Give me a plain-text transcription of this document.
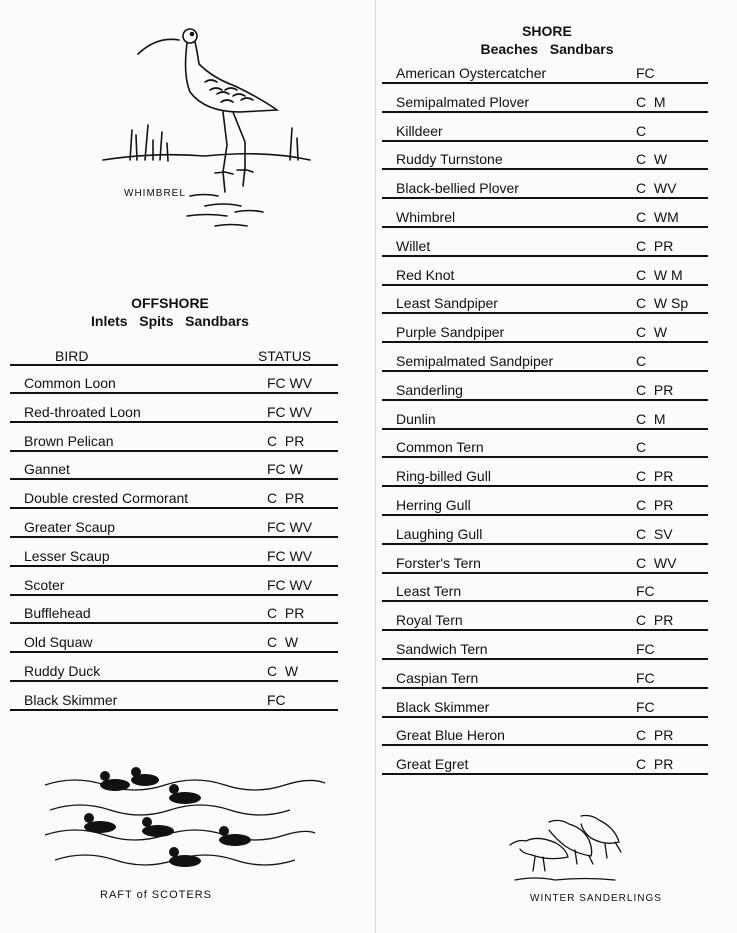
WHIMBREL
OFFSHORE
Inlets   Spits   Sandbars
BIRD	STATUS
Common Loon	FC WV
Red-throated Loon	FC WV
Brown Pelican	C  PR
Gannet	FC W
Double crested Cormorant	C  PR
Greater Scaup	FC WV
Lesser Scaup	FC WV
Scoter	FC WV
Bufflehead	C  PR
Old Squaw	C  W
Ruddy Duck	C  W
Black Skimmer	FC
RAFT of SCOTERS
SHORE
Beaches   Sandbars
American Oystercatcher	FC
Semipalmated Plover	C  M
Killdeer	C
Ruddy Turnstone	C  W
Black-bellied Plover	C  WV
Whimbrel	C  WM
Willet	C  PR
Red Knot	C  W M
Least Sandpiper	C  W Sp
Purple Sandpiper	C  W
Semipalmated Sandpiper	C
Sanderling	C  PR
Dunlin	C  M
Common Tern	C
Ring-billed Gull	C  PR
Herring Gull	C  PR
Laughing Gull	C  SV
Forster's Tern	C  WV
Least Tern	FC
Royal Tern	C  PR
Sandwich Tern	FC
Caspian Tern	FC
Black Skimmer	FC
Great Blue Heron	C  PR
Great Egret	C  PR
WINTER SANDERLINGS
